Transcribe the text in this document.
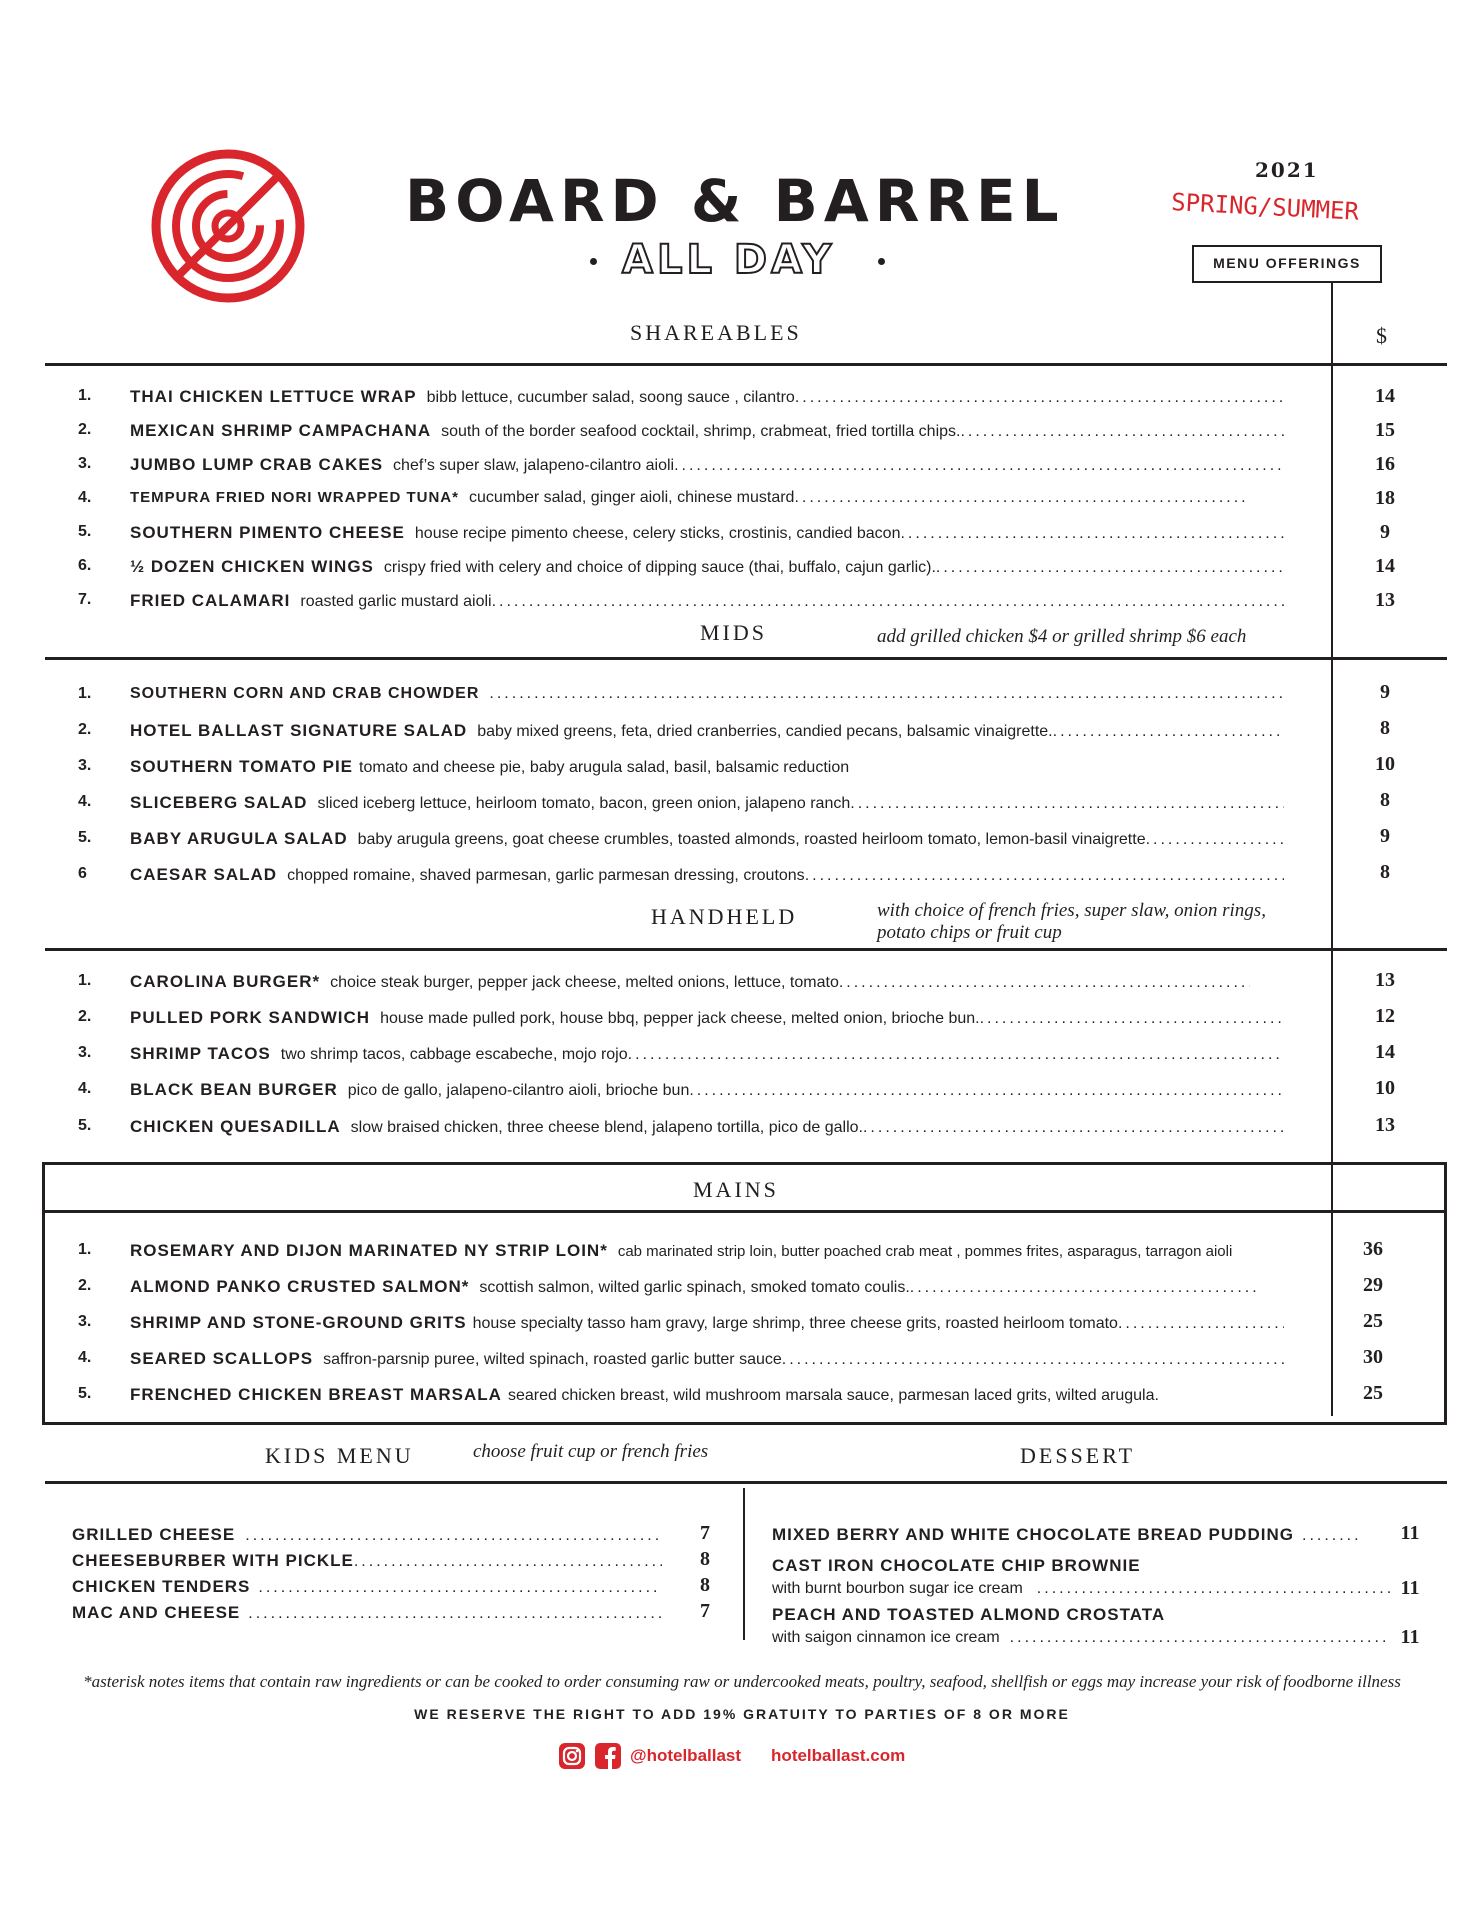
BOARD & BARREL
ALL DAY
2021
SPRING/SUMMER
MENU OFFERINGS
SHAREABLES	$
1. THAI CHICKEN LETTUCE WRAP bibb lettuce, cucumber salad, soong sauce , cilantro .....	14
2. MEXICAN SHRIMP CAMPACHANA south of the border seafood cocktail, shrimp, crabmeat, fried tortilla chips. .....	15
3. JUMBO LUMP CRAB CAKES chef’s super slaw, jalapeno-cilantro aioli .....	16
4.	TEMPURA FRIED NORI WRAPPED TUNA* cucumber salad, ginger aioli, chinese mustard .....	18
5. SOUTHERN PIMENTO CHEESE house recipe pimento cheese, celery sticks, crostinis, candied bacon .....	9
6. ½ DOZEN CHICKEN WINGS crispy fried with celery and choice of dipping sauce (thai, buffalo, cajun garlic). .....	14
7. FRIED CALAMARI roasted garlic mustard aioli .....	13
MIDS	add grilled chicken $4 or grilled shrimp $6 each
1. SOUTHERN CORN AND CRAB CHOWDER .....	9
2. HOTEL BALLAST SIGNATURE SALAD baby mixed greens, feta, dried cranberries, candied pecans, balsamic vinaigrette. .....	8
3. SOUTHERN TOMATO PIE tomato and cheese pie, baby arugula salad, basil, balsamic reduction	10
4. SLICEBERG SALAD sliced iceberg lettuce, heirloom tomato, bacon, green onion, jalapeno ranch .....	8
5. BABY ARUGULA SALAD baby arugula greens, goat cheese crumbles, toasted almonds, roasted heirloom tomato, lemon-basil vinaigrette .....	9
6	CAESAR SALAD chopped romaine, shaved parmesan, garlic parmesan dressing, croutons .....	8
HANDHELD	with choice of french fries, super slaw, onion rings,
potato chips or fruit cup
1. CAROLINA BURGER* choice steak burger, pepper jack cheese, melted onions, lettuce, tomato .....	13
2. PULLED PORK SANDWICH house made pulled pork, house bbq, pepper jack cheese, melted onion, brioche bun. .....	12
3. SHRIMP TACOS two shrimp tacos, cabbage escabeche, mojo rojo .....	14
4. BLACK BEAN BURGER pico de gallo, jalapeno-cilantro aioli, brioche bun .....	10
5. CHICKEN QUESADILLA slow braised chicken, three cheese blend, jalapeno tortilla, pico de gallo. .....	13
MAINS
1. ROSEMARY AND DIJON MARINATED NY STRIP LOIN* cab marinated strip loin, butter poached crab meat , pommes frites, asparagus, tarragon aioli	36
2. ALMOND PANKO CRUSTED SALMON* scottish salmon, wilted garlic spinach, smoked tomato coulis. .....	29
3. SHRIMP AND STONE-GROUND GRITS house specialty tasso ham gravy, large shrimp, three cheese grits, roasted heirloom tomato .....	25
4. SEARED SCALLOPS saffron-parsnip puree, wilted spinach, roasted garlic butter sauce .....	30
5. FRENCHED CHICKEN BREAST MARSALA seared chicken breast, wild mushroom marsala sauce, parmesan laced grits, wilted arugula.	25
KIDS MENU	choose fruit cup or french fries	DESSERT
GRILLED CHEESE .....	7
CHEESEBURBER WITH PICKLE .....	8
CHICKEN TENDERS .....	8
MAC AND CHEESE .....	7
MIXED BERRY AND WHITE CHOCOLATE BREAD PUDDING .....	11
CAST IRON CHOCOLATE CHIP BROWNIE
with burnt bourbon sugar ice cream .....	11
PEACH AND TOASTED ALMOND CROSTATA
with saigon cinnamon ice cream .....	11
*asterisk notes items that contain raw ingredients or can be cooked to order consuming raw or undercooked meats, poultry, seafood, shellfish or eggs may increase your risk of foodborne illness
WE RESERVE THE RIGHT TO ADD 19% GRATUITY TO PARTIES OF 8 OR MORE
@hotelballast hotelballast.com
